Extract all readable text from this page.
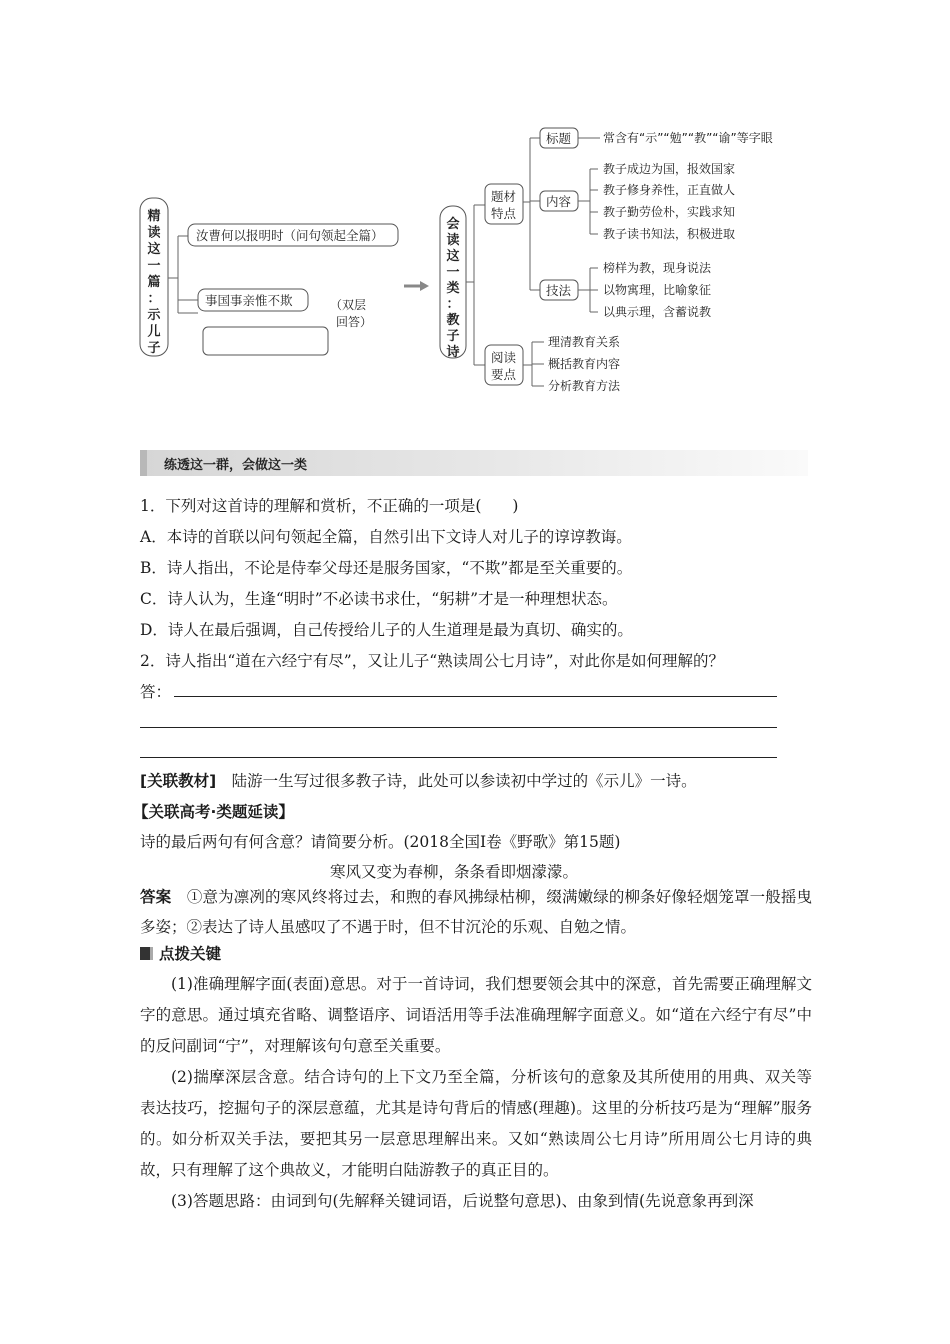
精
读
这
一
篇
：
示
儿
子
汝曹何以报明时（问句领起全篇）
事国事亲惟不欺	（双层
回答）
会
读
这
一
类
：
教
子
诗
题材
特点
标题	常含有“示”“勉”“教”“谕”等字眼
内容
教子成边为国，报效国家
教子修身养性，正直做人
教子勤劳俭朴，实践求知
教子读书知法，积极进取
技法
榜样为教，现身说法
以物寓理，比喻象征
以典示理，含蓄说教
阅读
要点
理清教育关系
概括教育内容
分析教育方法
练透这一群，会做这一类
1．下列对这首诗的理解和赏析，不正确的一项是(　　)
A．本诗的首联以问句领起全篇，自然引出下文诗人对儿子的谆谆教诲。
B．诗人指出，不论是侍奉父母还是服务国家，“不欺”都是至关重要的。
C．诗人认为，生逢“明时”不必读书求仕，“躬耕”才是一种理想状态。
D．诗人在最后强调，自己传授给儿子的人生道理是最为真切、确实的。
2．诗人指出“道在六经宁有尽”，又让儿子“熟读周公七月诗”，对此你是如何理解的？
答：
[关联教材]　陆游一生写过很多教子诗，此处可以参读初中学过的《示儿》一诗。
【关联高考·类题延读】
诗的最后两句有何含意？请简要分析。(2018全国Ⅰ卷《野歌》第15题)
寒风又变为春柳，条条看即烟濛濛。
答案　①意为凛冽的寒风终将过去，和煦的春风拂绿枯柳，缀满嫩绿的柳条好像轻烟笼罩一般摇曳多姿；②表达了诗人虽感叹了不遇于时，但不甘沉沦的乐观、自勉之情。
点拨关键
(1)准确理解字面(表面)意思。对于一首诗词，我们想要领会其中的深意，首先需要正确理解文字的意思。通过填充省略、调整语序、词语活用等手法准确理解字面意义。如“道在六经宁有尽”中的反问副词“宁”，对理解该句句意至关重要。
(2)揣摩深层含意。结合诗句的上下文乃至全篇，分析该句的意象及其所使用的用典、双关等表达技巧，挖掘句子的深层意蕴，尤其是诗句背后的情感(理趣)。这里的分析技巧是为“理解”服务的。如分析双关手法，要把其另一层意思理解出来。又如“熟读周公七月诗”所用周公七月诗的典故，只有理解了这个典故义，才能明白陆游教子的真正目的。
(3)答题思路：由词到句(先解释关键词语，后说整句意思)、由象到情(先说意象再到深
